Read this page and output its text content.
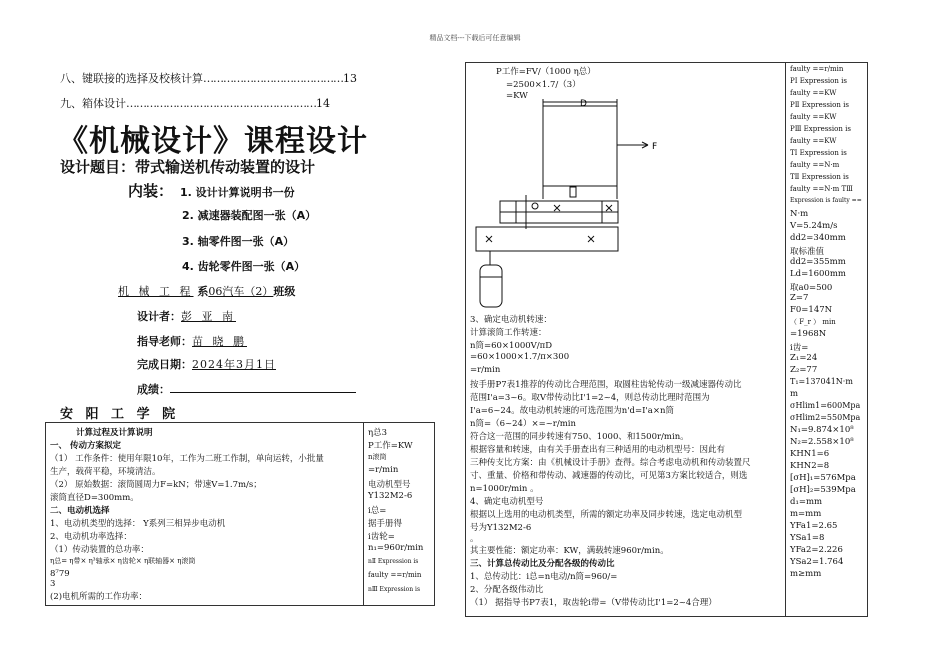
精品文档---下载后可任意编辑
八、键联接的选择及校核计算……………………………………13
九、箱体设计…………………………………………………14
《机械设计》课程设计
设计题目：带式输送机传动装置的设计
内装： 1. 设计计算说明书一份
2. 减速器装配图一张（A）
3. 轴零件图一张（A）
4. 齿轮零件图一张（A）
机 械 工 程 系06汽车（2）班级
设计者：彭 亚 南
指导老师：苗 晓 鹏
完成日期：2024年3月1日
成绩：
安 阳 工 学 院
计算过程及计算说明
一、 传动方案拟定
（1） 工作条件：使用年限10年，工作为二班工作制，单向运转，小批量
生产，载荷平稳，环境清洁。
（2） 原始数据：滚筒圆周力F=kN；带速V=1.7m/s；
滚筒直径D=300mm。
二、电动机选择
1、电动机类型的选择： Y系列三相异步电动机
2、电动机功率选择：
（1）传动装置的总功率：
η总= η带× η³轴承× η齿轮× η联轴器× η滚筒
8⁷79
3
(2)电机所需的工作功率：
η总3
P工作=KW
n滚筒
=r/min
电动机型号
Y132M2-6
i总=
据手册得
i齿轮=
n₁=960r/min
nⅡ Expression is
faulty ==r/min
nⅢ Expression is
P工作=FV/（1000 η总）
=2500×1.7/（3）
=KW
D
F
3、确定电动机转速：
计算滚筒工作转速：
n筒=60×1000V/πD
=60×1000×1.7/π×300
=r/min
按手册P7表1推荐的传动比合理范围，取圆柱齿轮传动一级减速器传动比
范围I'a=3~6。取V带传动比I'1=2~4，则总传动比理时范围为
I'a=6~24。故电动机转速的可选范围为n'd=I'a×n筒
n筒=（6~24）×=~r/min
符合这一范围的同步转速有750、1000、和1500r/min。
根据容量和转速，由有关手册查出有三种适用的电动机型号：因此有
三种传支比方案：由《机械设计手册》查得。综合考虑电动机和传动装置尺
寸、重量、价格和带传动、减速器的传动比，可见第3方案比较适合，则选
n=1000r/min 。
4、确定电动机型号
根据以上选用的电动机类型，所需的额定功率及同步转速，选定电动机型
号为Y132M2-6
。
其主要性能：额定功率：KW，满载转速960r/min。
三、计算总传动比及分配各级的传动比
1、总传动比：i总=n电动/n筒=960/=
2、分配各级伟动比
（1） 据指导书P7表1，取齿轮i带=（V带传动比I'1=2~4合理）
faulty ==r/min
PⅠ Expression is
faulty ==KW
PⅡ Expression is
faulty ==KW
PⅢ Expression is
faulty ==KW
TⅠ Expression is
faulty ==N·m
TⅡ Expression is
faulty ==N·m TⅢ
Expression is faulty ==
N·m
V=5.24m/s
dd2=340mm
取标准值
dd2=355mm
Ld=1600mm
取a0=500
Z=7
F0=147N
（ F_r ） min
=1968N
i齿=
Z₁=24
Z₂=77
T₁=137041N·m
m
σHlim1=600Mpa
σHlim2=550Mpa
N₁=9.874×10⁸
N₂=2.558×10⁸
KHN1=6
KHN2=8
[σH]₁=576Mpa
[σH]₂=539Mpa
d₁=mm
m=mm
YFa1=2.65
YSa1=8
YFa2=2.226
YSa2=1.764
m≥mm
